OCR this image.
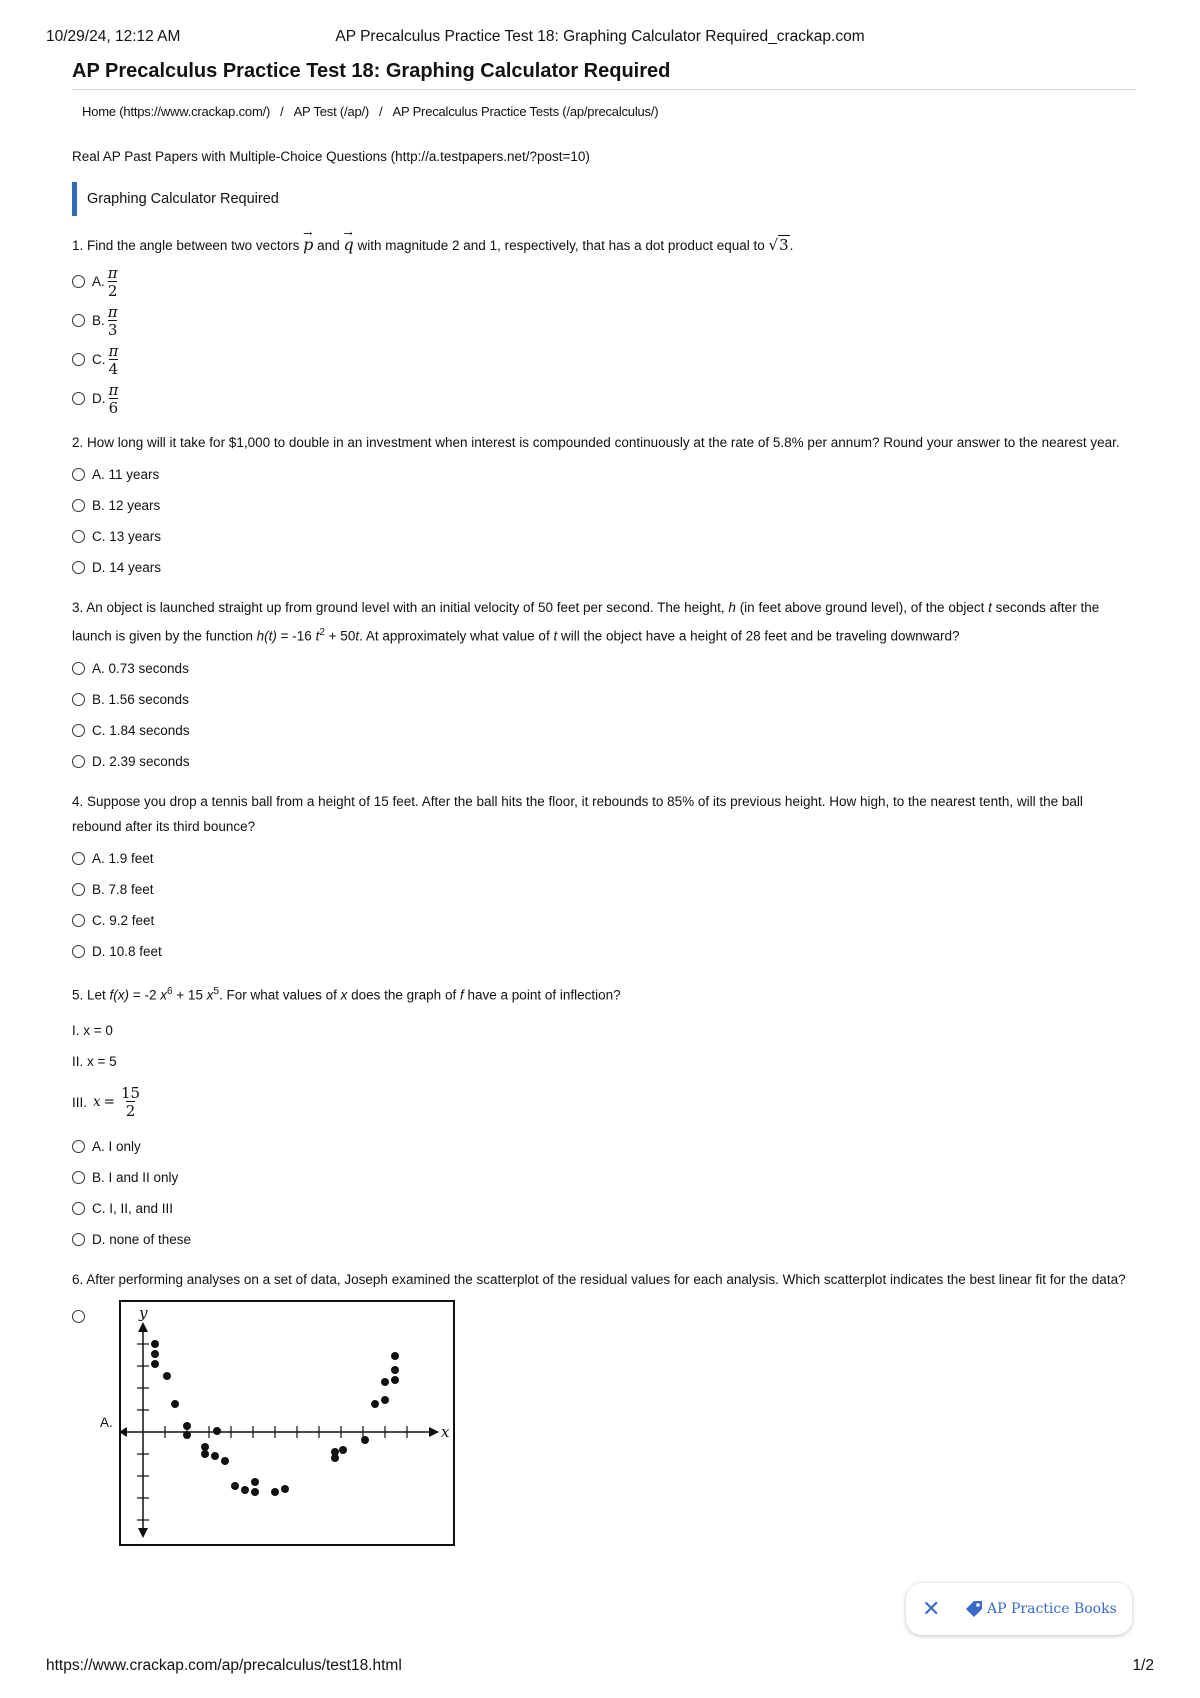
10/29/24, 12:12 AM	AP Precalculus Practice Test 18: Graphing Calculator Required_crackap.com
AP Precalculus Practice Test 18: Graphing Calculator Required
Home (https://www.crackap.com/) / AP Test (/ap/) / AP Precalculus Practice Tests (/ap/precalculus/)
Real AP Past Papers with Multiple-Choice Questions (http://a.testpapers.net/?post=10)
Graphing Calculator Required
1. Find the angle between two vectors → p and → q with magnitude 2 and 1, respectively, that has a dot product equal to √3.
A. $\frac{\pi}{2}$
B. $\frac{\pi}{3}$
C. $\frac{\pi}{4}$
D. $\frac{\pi}{6}$
2. How long will it take for $1,000 to double in an investment when interest is compounded continuously at the rate of 5.8% per annum? Round your answer to the nearest year.
A. 11 years
B. 12 years
C. 13 years
D. 14 years
3. An object is launched straight up from ground level with an initial velocity of 50 feet per second. The height, h (in feet above ground level), of the object t seconds after the launch is given by the function h(t) = -16 $t^2 + 50t$. At approximately what value of t will the object have a height of 28 feet and be traveling downward?
A. 0.73 seconds
B. 1.56 seconds
C. 1.84 seconds
D. 2.39 seconds
4. Suppose you drop a tennis ball from a height of 15 feet. After the ball hits the floor, it rebounds to 85% of its previous height. How high, to the nearest tenth, will the ball rebound after its third bounce?
A. 1.9 feet
B. 7.8 feet
C. 9.2 feet
D. 10.8 feet
5. Let f(x) = -2 $x^6 + 15$ $x^5$. For what values of x does the graph of f have a point of inflection?
I. x = 0
II. x = 5
III. $x = \frac{15}{2}$
A. I only
B. I and II only
C. I, II, and III
D. none of these
6. After performing analyses on a set of data, Joseph examined the scatterplot of the residual values for each analysis. Which scatterplot indicates the best linear fit for the data?
A.
x
y
✕	AP Practice Books
https://www.crackap.com/ap/precalculus/test18.html	1/2
